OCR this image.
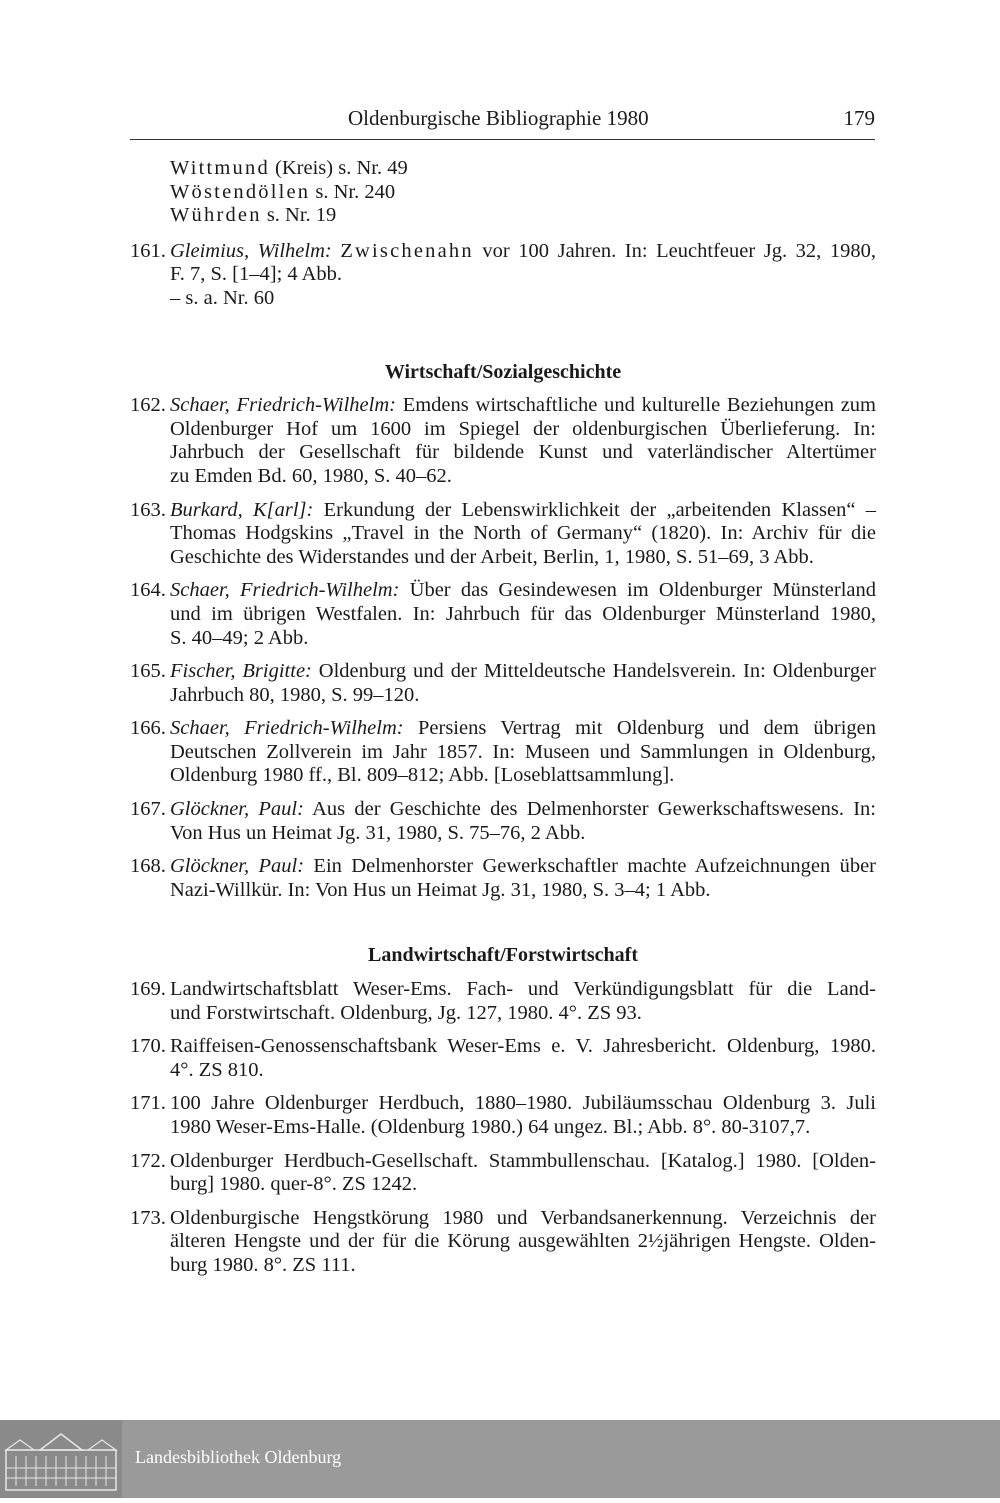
Oldenburgische Bibliographie 1980	179
Wittmund (Kreis) s. Nr. 49
Wöstendöllen s. Nr. 240
Wührden s. Nr. 19
161. Gleimius, Wilhelm: Zwischenahn vor 100 Jahren. In: Leuchtfeuer Jg. 32, 1980,
F. 7, S. [1–4]; 4 Abb.
– s. a. Nr. 60

Wirtschaft/Sozialgeschichte

162. Schaer, Friedrich-Wilhelm: Emdens wirtschaftliche und kulturelle Beziehungen zum
Oldenburger Hof um 1600 im Spiegel der oldenburgischen Überlieferung. In:
Jahrbuch der Gesellschaft für bildende Kunst und vaterländischer Altertümer
zu Emden Bd. 60, 1980, S. 40–62.
163. Burkard, K[arl]: Erkundung der Lebenswirklichkeit der „arbeitenden Klassen“ –
Thomas Hodgskins „Travel in the North of Germany“ (1820). In: Archiv für die
Geschichte des Widerstandes und der Arbeit, Berlin, 1, 1980, S. 51–69, 3 Abb.
164. Schaer, Friedrich-Wilhelm: Über das Gesindewesen im Oldenburger Münsterland
und im übrigen Westfalen. In: Jahrbuch für das Oldenburger Münsterland 1980,
S. 40–49; 2 Abb.
165. Fischer, Brigitte: Oldenburg und der Mitteldeutsche Handelsverein. In: Oldenburger
Jahrbuch 80, 1980, S. 99–120.
166. Schaer, Friedrich-Wilhelm: Persiens Vertrag mit Oldenburg und dem übrigen
Deutschen Zollverein im Jahr 1857. In: Museen und Sammlungen in Oldenburg,
Oldenburg 1980 ff., Bl. 809–812; Abb. [Loseblattsammlung].
167. Glöckner, Paul: Aus der Geschichte des Delmenhorster Gewerkschaftswesens. In:
Von Hus un Heimat Jg. 31, 1980, S. 75–76, 2 Abb.
168. Glöckner, Paul: Ein Delmenhorster Gewerkschaftler machte Aufzeichnungen über
Nazi-Willkür. In: Von Hus un Heimat Jg. 31, 1980, S. 3–4; 1 Abb.

Landwirtschaft/Forstwirtschaft

169. Landwirtschaftsblatt Weser-Ems. Fach- und Verkündigungsblatt für die Land-
und Forstwirtschaft. Oldenburg, Jg. 127, 1980. 4°. ZS 93.
170. Raiffeisen-Genossenschaftsbank Weser-Ems e. V. Jahresbericht. Oldenburg, 1980.
4°. ZS 810.
171. 100 Jahre Oldenburger Herdbuch, 1880–1980. Jubiläumsschau Oldenburg 3. Juli
1980 Weser-Ems-Halle. (Oldenburg 1980.) 64 ungez. Bl.; Abb. 8°. 80-3107,7.
172. Oldenburger Herdbuch-Gesellschaft. Stammbullenschau. [Katalog.] 1980. [Olden-
burg] 1980. quer-8°. ZS 1242.
173. Oldenburgische Hengstkörung 1980 und Verbandsanerkennung. Verzeichnis der
älteren Hengste und der für die Körung ausgewählten 2½jährigen Hengste. Olden-
burg 1980. 8°. ZS 111.
Landesbibliothek Oldenburg
